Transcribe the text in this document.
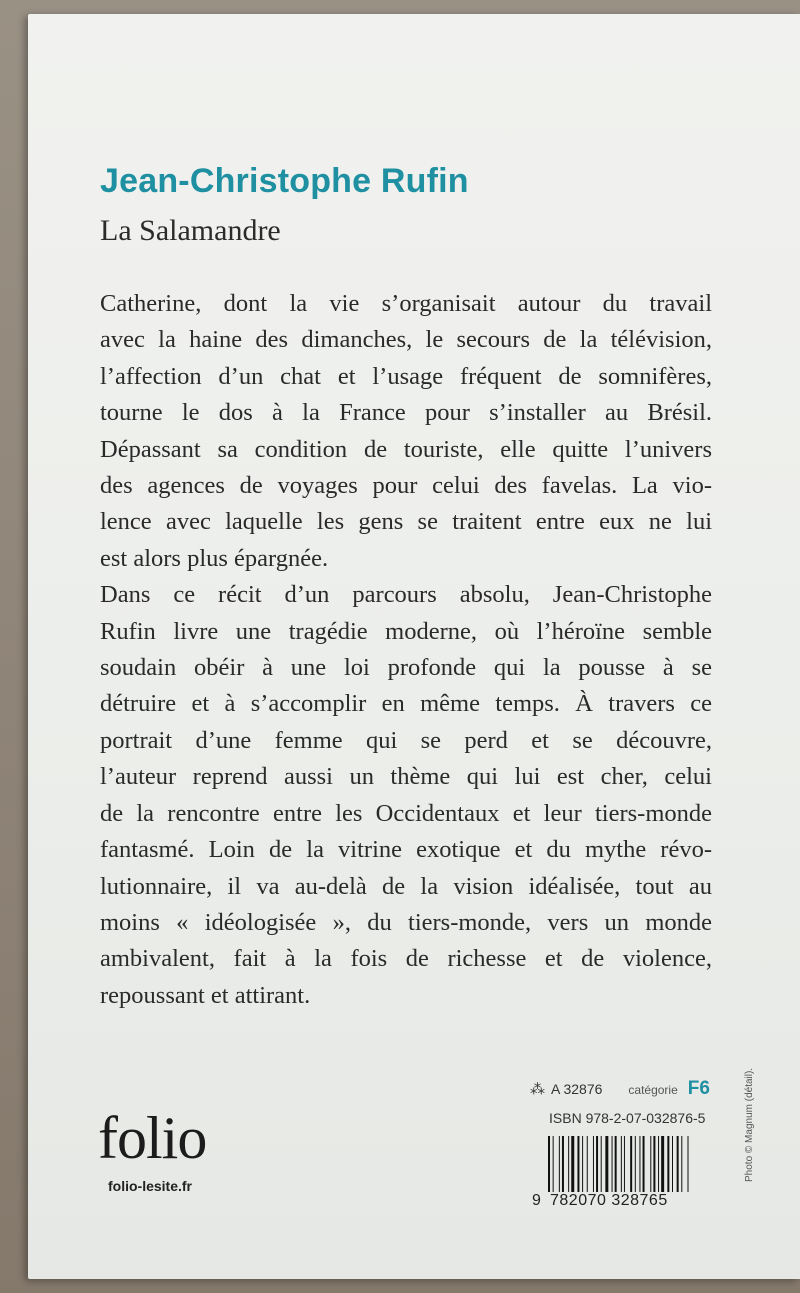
Jean-Christophe Rufin
La Salamandre
Catherine, dont la vie s’organisait autour du travail
avec la haine des dimanches, le secours de la télévision,
l’affection d’un chat et l’usage fréquent de somnifères,
tourne le dos à la France pour s’installer au Brésil.
Dépassant sa condition de touriste, elle quitte l’univers
des agences de voyages pour celui des favelas. La vio-
lence avec laquelle les gens se traitent entre eux ne lui
est alors plus épargnée.
Dans ce récit d’un parcours absolu, Jean-Christophe
Rufin livre une tragédie moderne, où l’héroïne semble
soudain obéir à une loi profonde qui la pousse à se
détruire et à s’accomplir en même temps. À travers ce
portrait d’une femme qui se perd et se découvre,
l’auteur reprend aussi un thème qui lui est cher, celui
de la rencontre entre les Occidentaux et leur tiers-monde
fantasmé. Loin de la vitrine exotique et du mythe révo-
lutionnaire, il va au-delà de la vision idéalisée, tout au
moins « idéologisée », du tiers-monde, vers un monde
ambivalent, fait à la fois de richesse et de violence,
repoussant et attirant.
⁂ A 32876 catégorie F6
ISBN 978-2-07-032876-5
9 782070 328765
folio
folio-lesite.fr
Photo © Magnum (détail).
